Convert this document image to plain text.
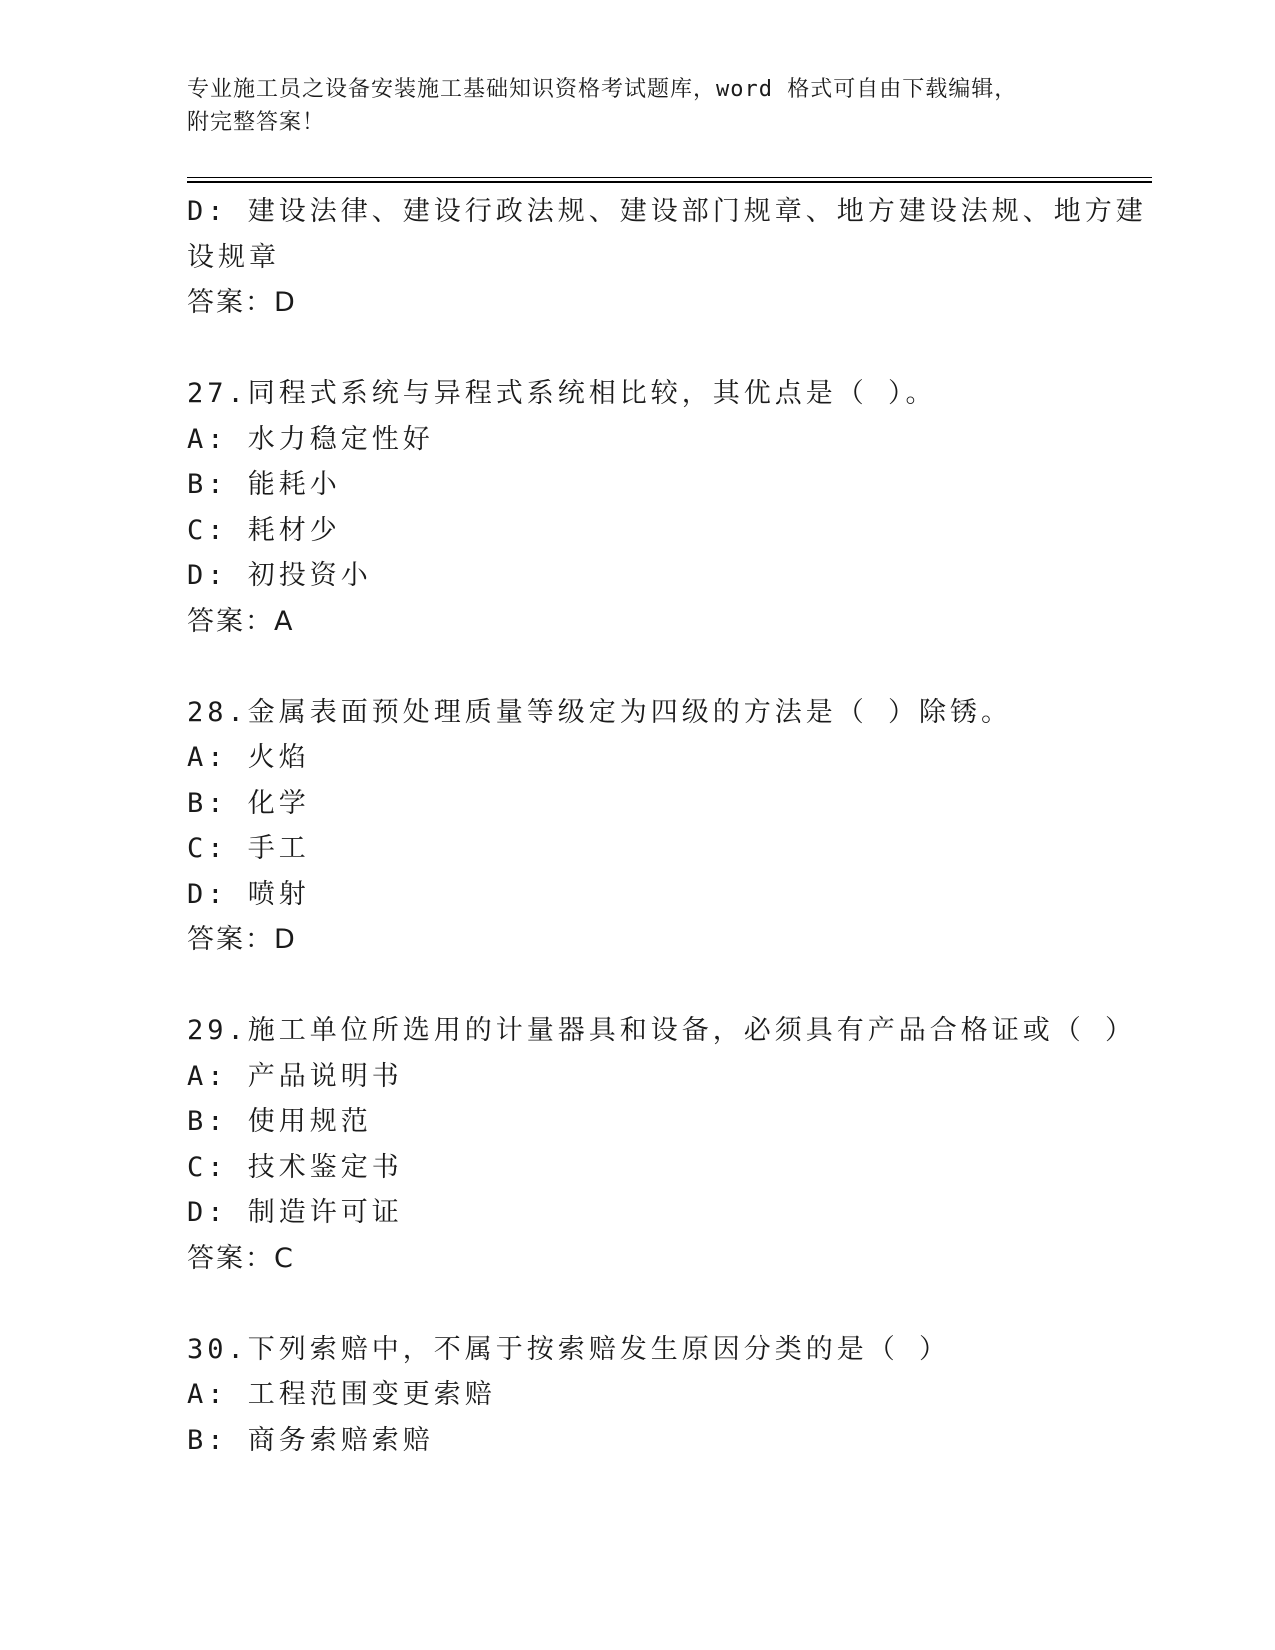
专业施工员之设备安装施工基础知识资格考试题库，word 格式可自由下载编辑，
附完整答案！
D: 建设法律、建设行政法规、建设部门规章、地方建设法规、地方建
设规章
答案：D
27.同程式系统与异程式系统相比较，其优点是（ ）。
A: 水力稳定性好
B: 能耗小
C: 耗材少
D: 初投资小
答案：A
28.金属表面预处理质量等级定为四级的方法是（ ）除锈。
A: 火焰
B: 化学
C: 手工
D: 喷射
答案：D
29.施工单位所选用的计量器具和设备，必须具有产品合格证或（ ）
A: 产品说明书
B: 使用规范
C: 技术鉴定书
D: 制造许可证
答案：C
30.下列索赔中，不属于按索赔发生原因分类的是（ ）
A: 工程范围变更索赔
B: 商务索赔索赔
